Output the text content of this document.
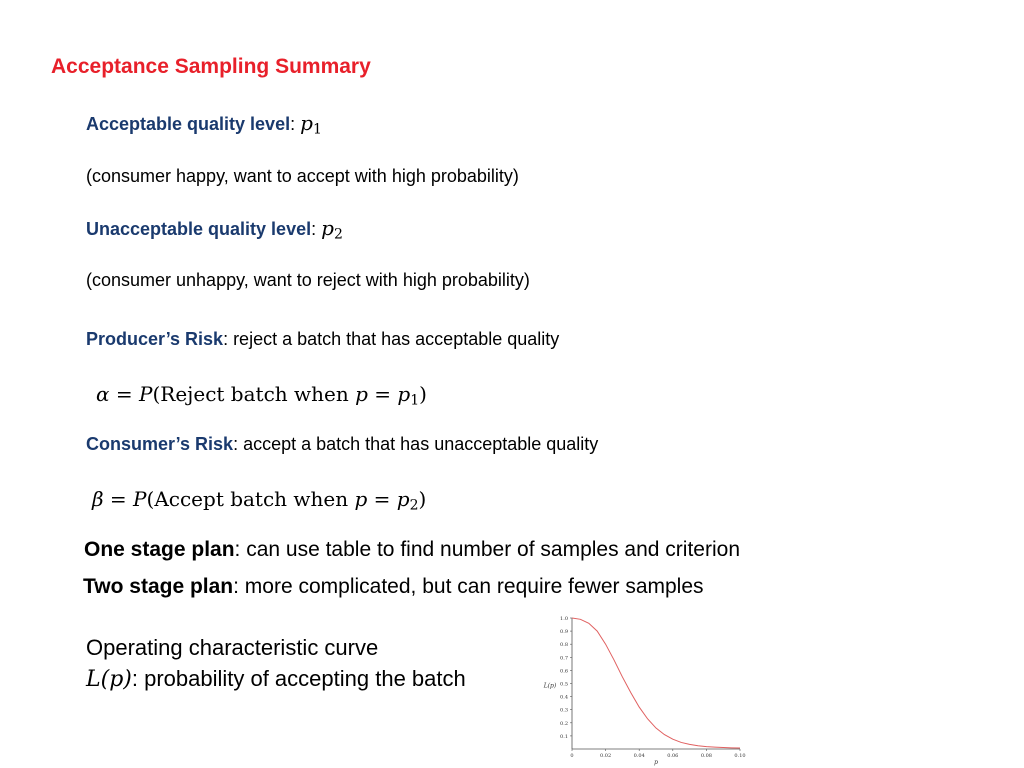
Acceptance Sampling Summary
Acceptable quality level: $p_1$
(consumer happy, want to accept with high probability)
Unacceptable quality level: $p_2$
(consumer unhappy, want to reject with high probability)
Producer’s Risk: reject a batch that has acceptable quality
α = P(Reject batch when $p = p_1$)
Consumer’s Risk: accept a batch that has unacceptable quality
β = P(Accept batch when $p = p_2$)
One stage plan: can use table to find number of samples and criterion
Two stage plan: more complicated, but can require fewer samples
Operating characteristic curve
L(p): probability of accepting the batch
0.1
0.2
0.3
0.4
0.5
0.6
0.7
0.8
0.9
1.0
0	0.02	0.04	0.06	0.08	0.10
L(p)
p
